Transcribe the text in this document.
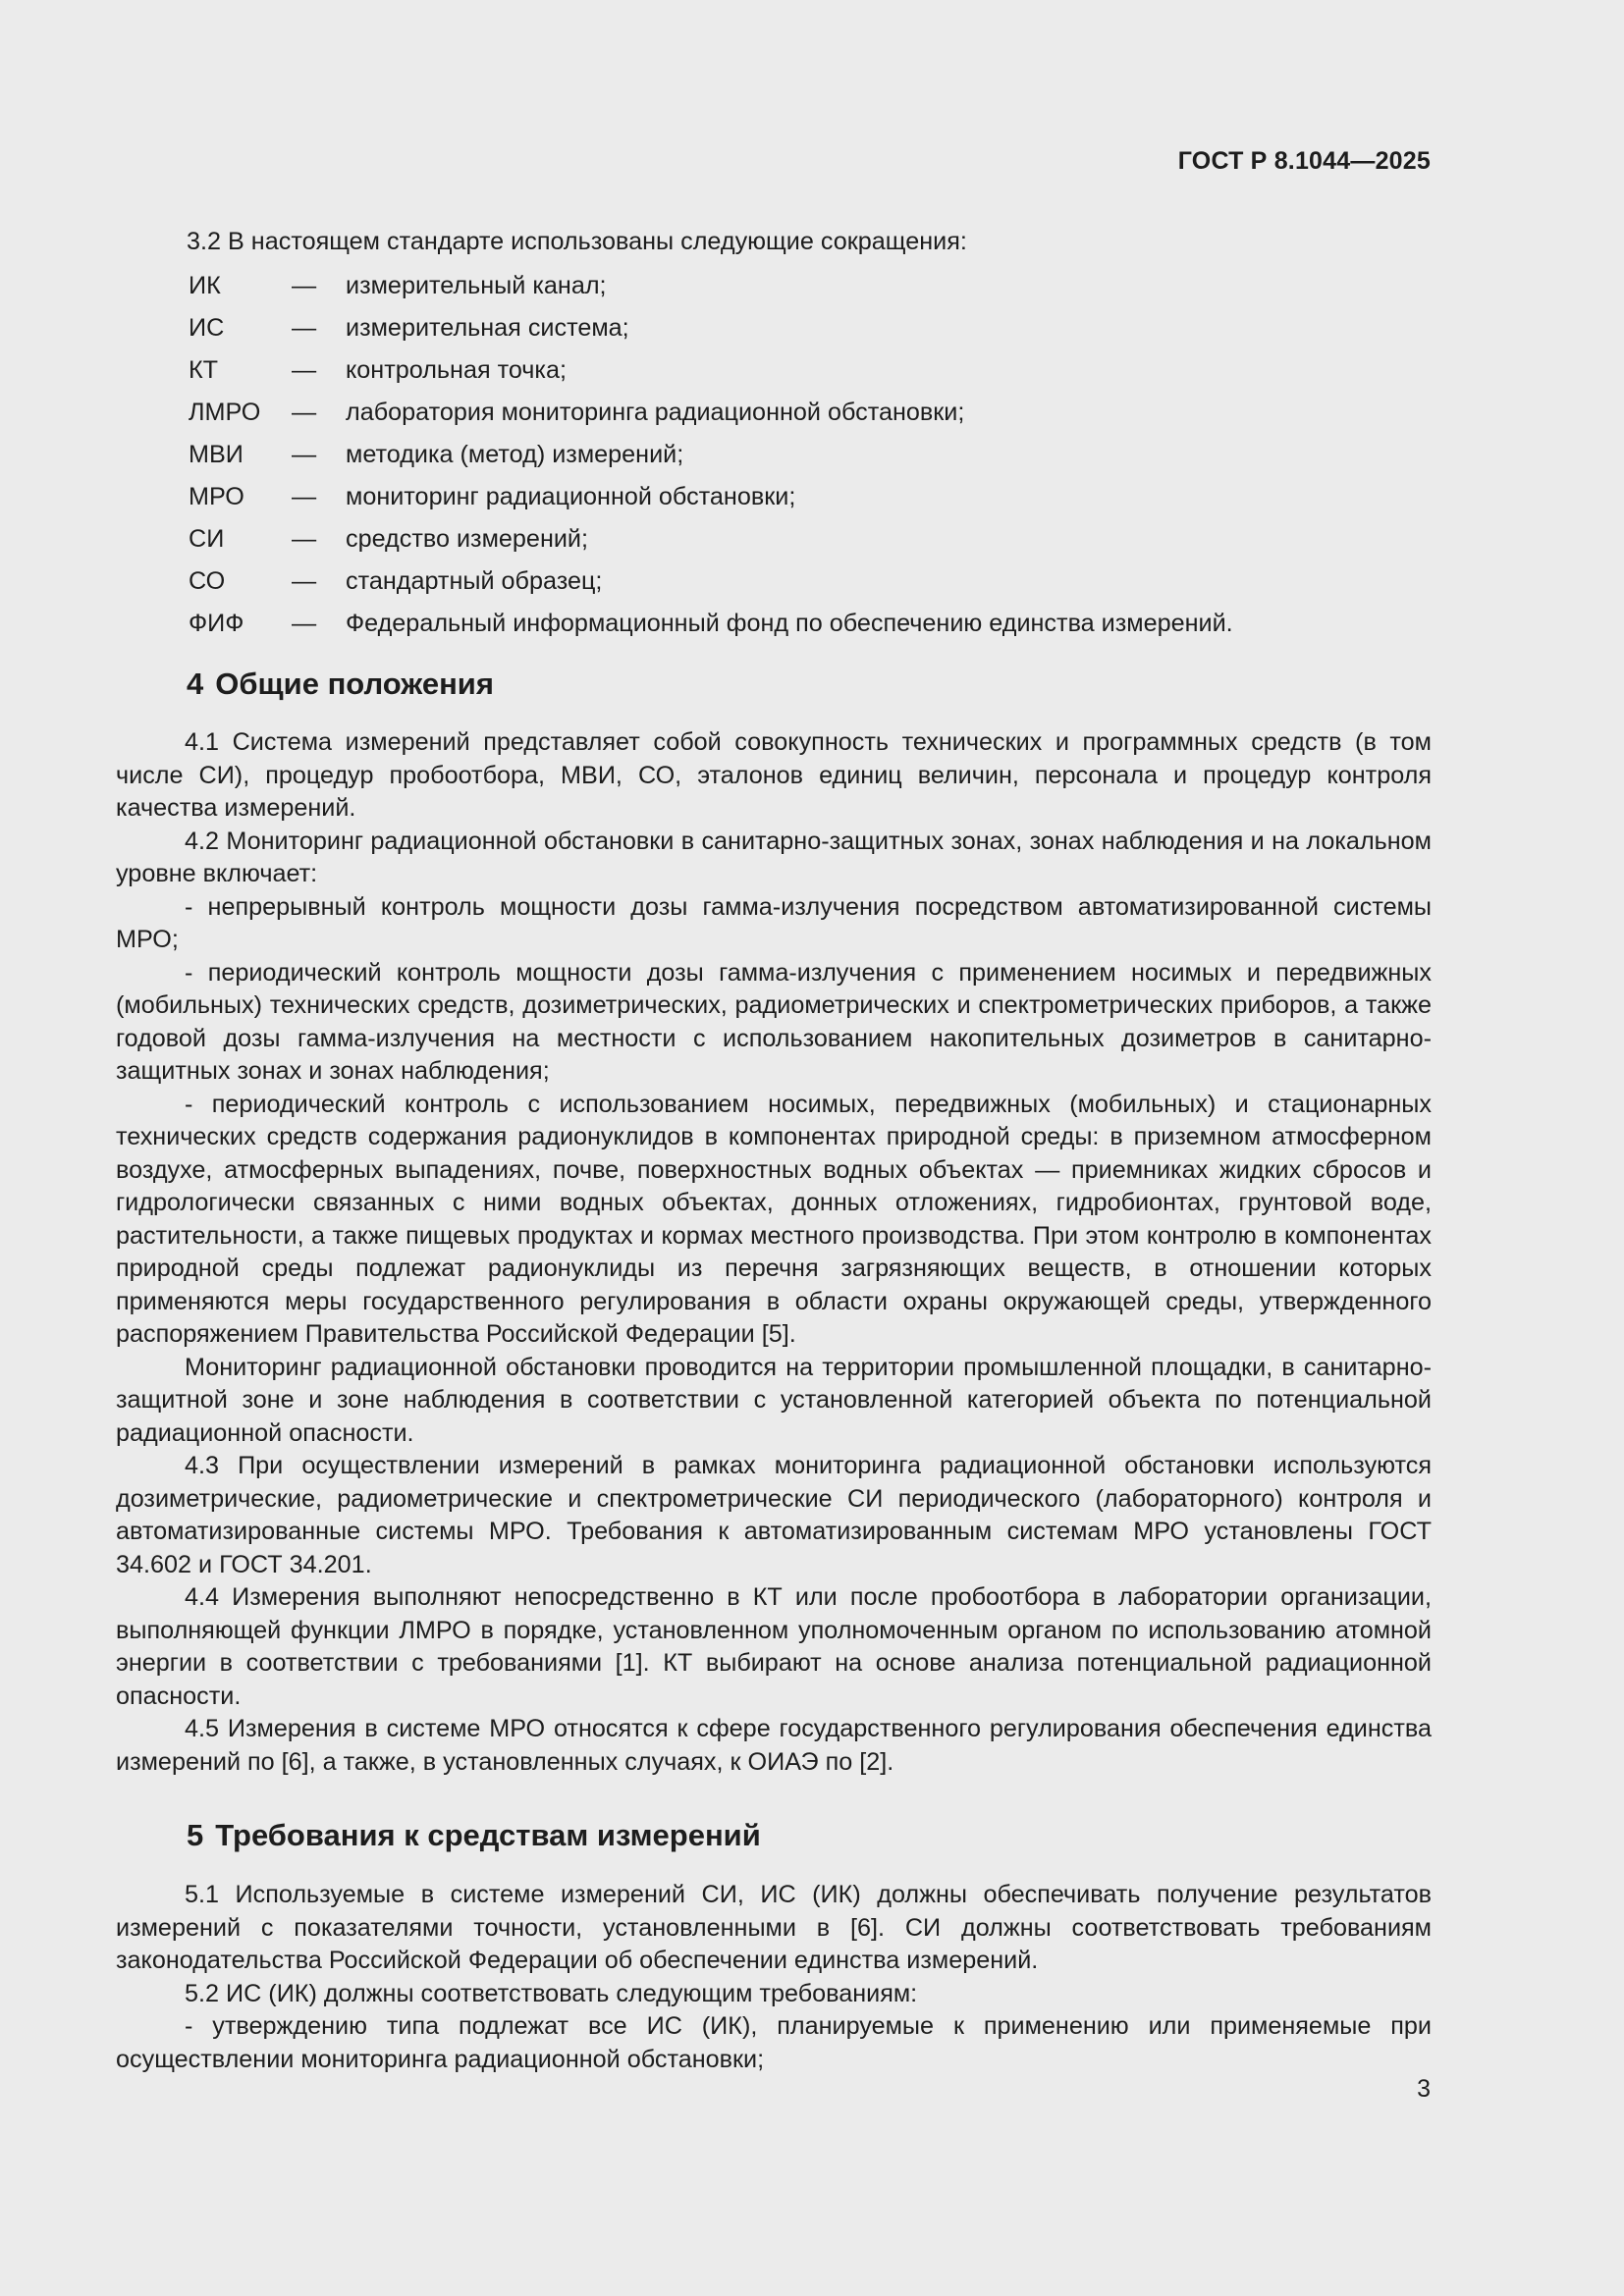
ГОСТ Р 8.1044—2025
3.2 В настоящем стандарте использованы следующие сокращения:
ИК	—	измерительный канал;
ИС	—	измерительная система;
КТ	—	контрольная точка;
ЛМРО	—	лаборатория мониторинга радиационной обстановки;
МВИ	—	методика (метод) измерений;
МРО	—	мониторинг радиационной обстановки;
СИ	—	средство измерений;
СО	—	стандартный образец;
ФИФ	—	Федеральный информационный фонд по обеспечению единства измерений.
4 Общие положения

4.1 Система измерений представляет собой совокупность технических и программных средств (в том числе СИ), процедур пробоотбора, МВИ, СО, эталонов единиц величин, персонала и процедур контроля качества измерений.

4.2 Мониторинг радиационной обстановки в санитарно-защитных зонах, зонах наблюдения и на локальном уровне включает:

- непрерывный контроль мощности дозы гамма-излучения посредством автоматизированной системы МРО;

- периодический контроль мощности дозы гамма-излучения с применением носимых и передвижных (мобильных) технических средств, дозиметрических, радиометрических и спектрометрических приборов, а также годовой дозы гамма-излучения на местности с использованием накопительных дозиметров в санитарно-защитных зонах и зонах наблюдения;

- периодический контроль с использованием носимых, передвижных (мобильных) и стационарных технических средств содержания радионуклидов в компонентах природной среды: в приземном атмосферном воздухе, атмосферных выпадениях, почве, поверхностных водных объектах — приемниках жидких сбросов и гидрологически связанных с ними водных объектах, донных отложениях, гидробионтах, грунтовой воде, растительности, а также пищевых продуктах и кормах местного производства. При этом контролю в компонентах природной среды подлежат радионуклиды из перечня загрязняющих веществ, в отношении которых применяются меры государственного регулирования в области охраны окружающей среды, утвержденного распоряжением Правительства Российской Федерации [5].

Мониторинг радиационной обстановки проводится на территории промышленной площадки, в санитарно-защитной зоне и зоне наблюдения в соответствии с установленной категорией объекта по потенциальной радиационной опасности.

4.3 При осуществлении измерений в рамках мониторинга радиационной обстановки используются дозиметрические, радиометрические и спектрометрические СИ периодического (лабораторного) контроля и автоматизированные системы МРО. Требования к автоматизированным системам МРО установлены ГОСТ 34.602 и ГОСТ 34.201.

4.4 Измерения выполняют непосредственно в КТ или после пробоотбора в лаборатории организации, выполняющей функции ЛМРО в порядке, установленном уполномоченным органом по использованию атомной энергии в соответствии с требованиями [1]. КТ выбирают на основе анализа потенциальной радиационной опасности.

4.5 Измерения в системе МРО относятся к сфере государственного регулирования обеспечения единства измерений по [6], а также, в установленных случаях, к ОИАЭ по [2].

5 Требования к средствам измерений

5.1 Используемые в системе измерений СИ, ИС (ИК) должны обеспечивать получение результатов измерений с показателями точности, установленными в [6]. СИ должны соответствовать требованиям законодательства Российской Федерации об обеспечении единства измерений.

5.2 ИС (ИК) должны соответствовать следующим требованиям:

- утверждению типа подлежат все ИС (ИК), планируемые к применению или применяемые при осуществлении мониторинга радиационной обстановки;

3
